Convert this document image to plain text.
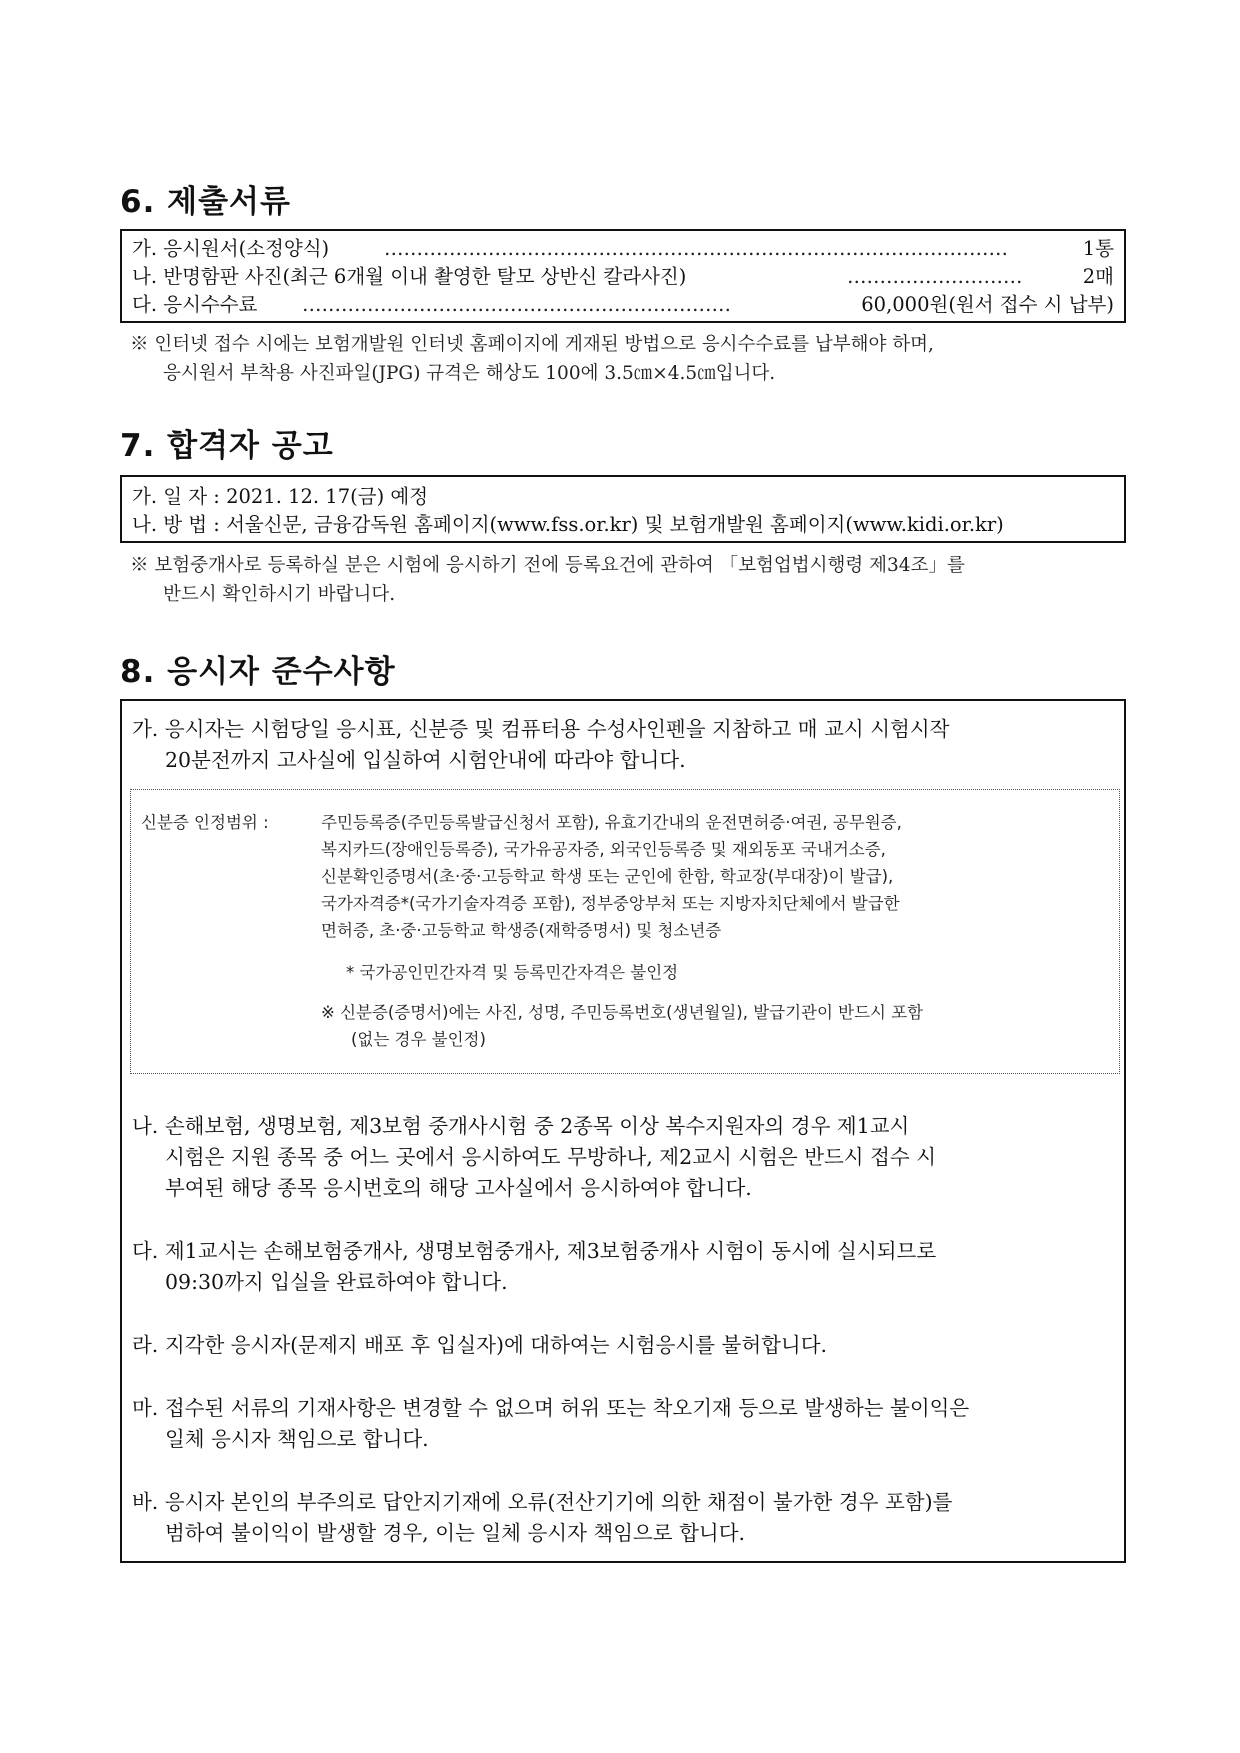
6. 제출서류
가. 응시원서(소정양식)	……………………………………………………………………………………	1통
나. 반명함판 사진(최근 6개월 이내 촬영한 탈모 상반신 칼라사진)	………………………	2매
다. 응시수수료 …………………………………………………………	60,000원(원서 접수 시 납부)
※ 인터넷 접수 시에는 보험개발원 인터넷 홈페이지에 게재된 방법으로 응시수수료를 납부해야 하며,
응시원서 부착용 사진파일(JPG) 규격은 해상도 100에 3.5㎝×4.5㎝입니다.
7. 합격자 공고
가. 일 자 : 2021. 12. 17(금) 예정
나. 방 법 : 서울신문, 금융감독원 홈페이지(www.fss.or.kr) 및 보험개발원 홈페이지(www.kidi.or.kr)
※ 보험중개사로 등록하실 분은 시험에 응시하기 전에 등록요건에 관하여 「보험업법시행령 제34조」를
반드시 확인하시기 바랍니다.
8. 응시자 준수사항
가. 응시자는 시험당일 응시표, 신분증 및 컴퓨터용 수성사인펜을 지참하고 매 교시 시험시작
20분전까지 고사실에 입실하여 시험안내에 따라야 합니다.
신분증 인정범위 :	주민등록증(주민등록발급신청서 포함), 유효기간내의 운전면허증·여권, 공무원증,
복지카드(장애인등록증), 국가유공자증, 외국인등록증 및 재외동포 국내거소증,
신분확인증명서(초·중·고등학교 학생 또는 군인에 한함, 학교장(부대장)이 발급),
국가자격증*(국가기술자격증 포함), 정부중앙부처 또는 지방자치단체에서 발급한
면허증, 초·중·고등학교 학생증(재학증명서) 및 청소년증
* 국가공인민간자격 및 등록민간자격은 불인정
※ 신분증(증명서)에는 사진, 성명, 주민등록번호(생년월일), 발급기관이 반드시 포함
(없는 경우 불인정)
나. 손해보험, 생명보험, 제3보험 중개사시험 중 2종목 이상 복수지원자의 경우 제1교시
시험은 지원 종목 중 어느 곳에서 응시하여도 무방하나, 제2교시 시험은 반드시 접수 시
부여된 해당 종목 응시번호의 해당 고사실에서 응시하여야 합니다.
다. 제1교시는 손해보험중개사, 생명보험중개사, 제3보험중개사 시험이 동시에 실시되므로
09:30까지 입실을 완료하여야 합니다.
라. 지각한 응시자(문제지 배포 후 입실자)에 대하여는 시험응시를 불허합니다.
마. 접수된 서류의 기재사항은 변경할 수 없으며 허위 또는 착오기재 등으로 발생하는 불이익은
일체 응시자 책임으로 합니다.
바. 응시자 본인의 부주의로 답안지기재에 오류(전산기기에 의한 채점이 불가한 경우 포함)를
범하여 불이익이 발생할 경우, 이는 일체 응시자 책임으로 합니다.
